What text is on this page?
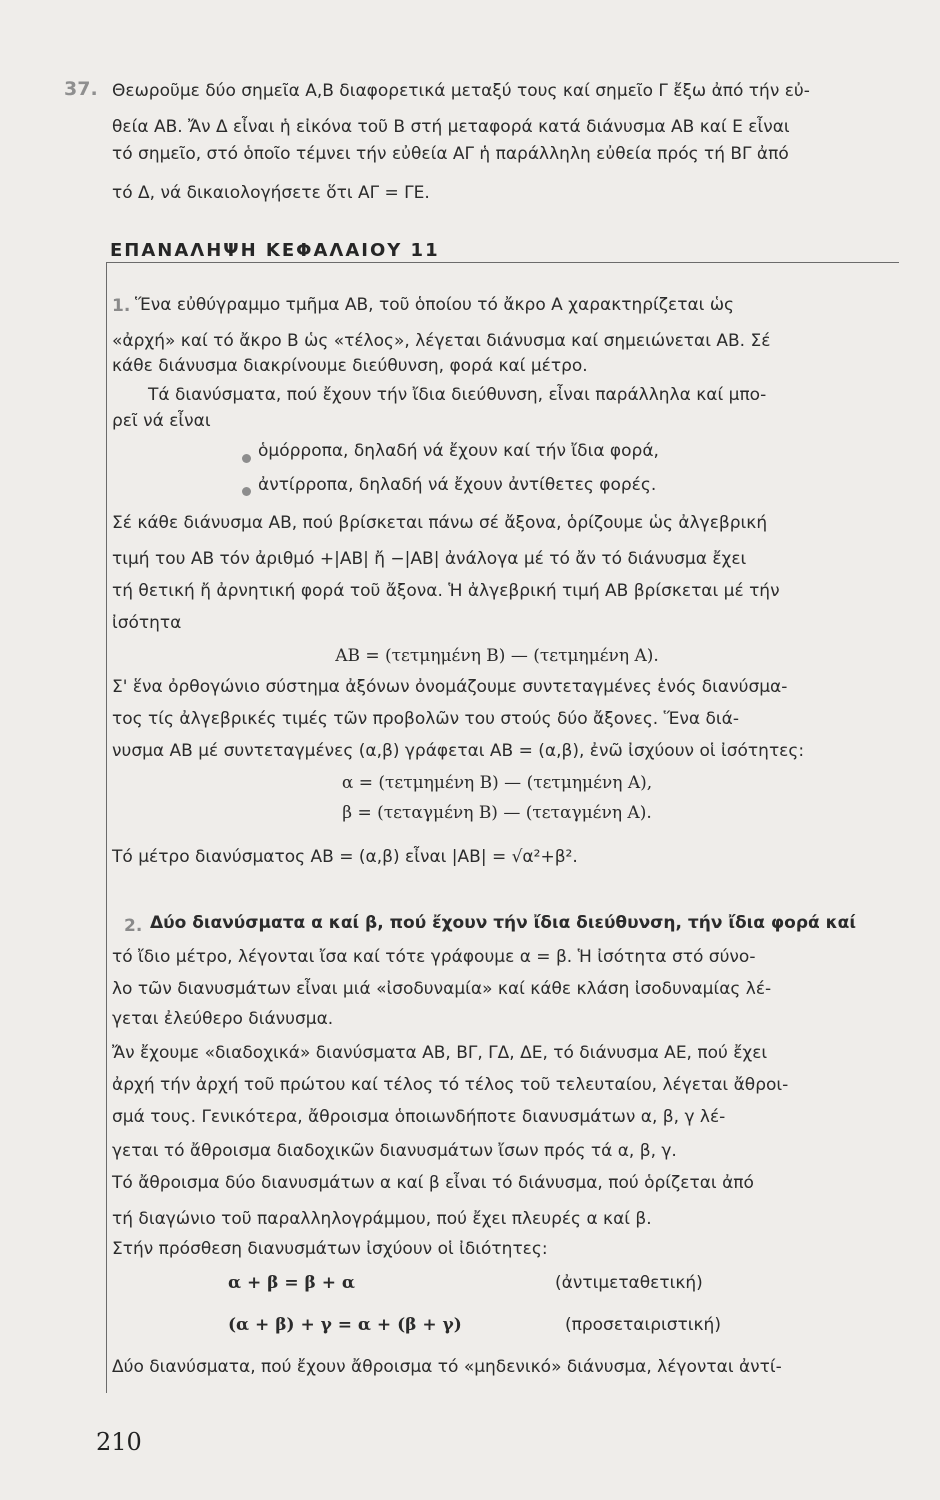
37. Θεωροῦμε δύο σημεῖα Α,Β διαφορετικά μεταξύ τους καί σημεῖο Γ ἔξω ἀπό τήν εὐ-
θεία ΑΒ. Ἄν Δ εἶναι ἡ εἰκόνα τοῦ Β στή μεταφορά κατά διάνυσμα ΑΒ καί Ε εἶναι
τό σημεῖο, στό ὁποῖο τέμνει τήν εὐθεία ΑΓ ἡ παράλληλη εὐθεία πρός τή ΒΓ ἀπό
τό Δ, νά δικαιολογήσετε ὅτι ΑΓ = ΓΕ.
ΕΠΑΝΑΛΗΨΗ ΚΕΦΑΛΑΙΟΥ 11
1. Ἕνα εὐθύγραμμο τμῆμα ΑΒ, τοῦ ὁποίου τό ἄκρο Α χαρακτηρίζεται ὡς
«ἀρχή» καί τό ἄκρο Β ὡς «τέλος», λέγεται διάνυσμα καί σημειώνεται ΑΒ. Σέ
κάθε διάνυσμα διακρίνουμε διεύθυνση, φορά καί μέτρο.
Τά διανύσματα, πού ἔχουν τήν ἴδια διεύθυνση, εἶναι παράλληλα καί μπο-
ρεῖ νά εἶναι
ὁμόρροπα, δηλαδή νά ἔχουν καί τήν ἴδια φορά,
ἀντίρροπα, δηλαδή νά ἔχουν ἀντίθετες φορές.
Σέ κάθε διάνυσμα ΑΒ, πού βρίσκεται πάνω σέ ἄξονα, ὁρίζουμε ὡς ἀλγεβρική
τιμή του ΑΒ τόν ἀριθμό +|ΑΒ| ἤ −|ΑΒ| ἀνάλογα μέ τό ἄν τό διάνυσμα ἔχει
τή θετική ἤ ἀρνητική φορά τοῦ ἄξονα. Ἡ ἀλγεβρική τιμή ΑΒ βρίσκεται μέ τήν
ἰσότητα
ΑΒ = (τετμημένη Β) — (τετμημένη Α).
Σ' ἕνα ὀρθογώνιο σύστημα ἀξόνων ὀνομάζουμε συντεταγμένες ἑνός διανύσμα-
τος τίς ἀλγεβρικές τιμές τῶν προβολῶν του στούς δύο ἄξονες. Ἕνα διά-
νυσμα ΑΒ μέ συντεταγμένες (α,β) γράφεται ΑΒ = (α,β), ἐνῶ ἰσχύουν οἱ ἰσότητες:
α = (τετμημένη Β) — (τετμημένη Α),
β = (τεταγμένη Β) — (τεταγμένη Α).
Τό μέτρο διανύσματος ΑΒ = (α,β) εἶναι |ΑΒ| = √α²+β².
2. Δύο διανύσματα α καί β, πού ἔχουν τήν ἴδια διεύθυνση, τήν ἴδια φορά καί
τό ἴδιο μέτρο, λέγονται ἴσα καί τότε γράφουμε α = β. Ἡ ἰσότητα στό σύνο-
λο τῶν διανυσμάτων εἶναι μιά «ἰσοδυναμία» καί κάθε κλάση ἰσοδυναμίας λέ-
γεται ἐλεύθερο διάνυσμα.
Ἄν ἔχουμε «διαδοχικά» διανύσματα ΑΒ, ΒΓ, ΓΔ, ΔΕ, τό διάνυσμα ΑΕ, πού ἔχει
ἀρχή τήν ἀρχή τοῦ πρώτου καί τέλος τό τέλος τοῦ τελευταίου, λέγεται ἄθροι-
σμά τους. Γενικότερα, ἄθροισμα ὁποιωνδήποτε διανυσμάτων α, β, γ λέ-
γεται τό ἄθροισμα διαδοχικῶν διανυσμάτων ἴσων πρός τά α, β, γ.
Τό ἄθροισμα δύο διανυσμάτων α καί β εἶναι τό διάνυσμα, πού ὁρίζεται ἀπό
τή διαγώνιο τοῦ παραλληλογράμμου, πού ἔχει πλευρές α καί β.
Στήν πρόσθεση διανυσμάτων ἰσχύουν οἱ ἰδιότητες:
α + β = β + α	(ἀντιμεταθετική)
(α + β) + γ = α + (β + γ)	(προσεταιριστική)
Δύο διανύσματα, πού ἔχουν ἄθροισμα τό «μηδενικό» διάνυσμα, λέγονται ἀντί-
210
